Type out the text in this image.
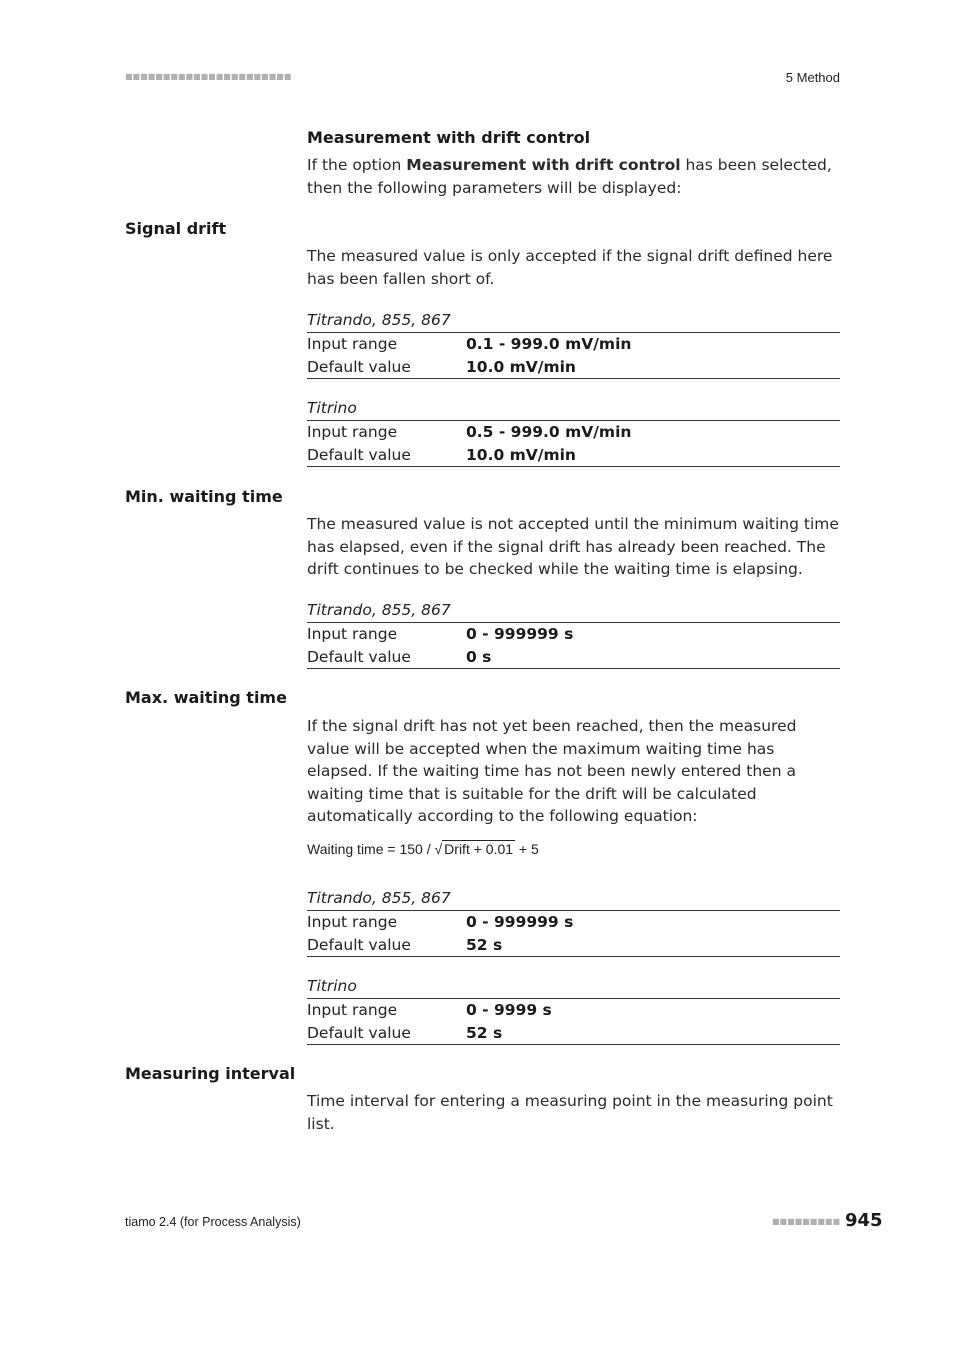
■■■■■■■■■■■■■■■■■■■■■■	5 Method
Measurement with drift control
If the option Measurement with drift control has been selected, then the following parameters will be displayed:
Signal drift
The measured value is only accepted if the signal drift defined here has been fallen short of.
Titrando, 855, 867
Input range	0.1 - 999.0 mV/min
Default value	10.0 mV/min
Titrino
Input range	0.5 - 999.0 mV/min
Default value	10.0 mV/min
Min. waiting time
The measured value is not accepted until the minimum waiting time has elapsed, even if the signal drift has already been reached. The drift continues to be checked while the waiting time is elapsing.
Titrando, 855, 867
Input range	0 - 999999 s
Default value	0 s
Max. waiting time
If the signal drift has not yet been reached, then the measured value will be accepted when the maximum waiting time has elapsed. If the waiting time has not been newly entered then a waiting time that is suitable for the drift will be calculated automatically according to the following equation:
Waiting time = 150 / √ Drift + 0.01 + 5
Titrando, 855, 867
Input range	0 - 999999 s
Default value	52 s
Titrino
Input range	0 - 9999 s
Default value	52 s
Measuring interval
Time interval for entering a measuring point in the measuring point list.
tiamo 2.4 (for Process Analysis)	■■■■■■■■■ 945
